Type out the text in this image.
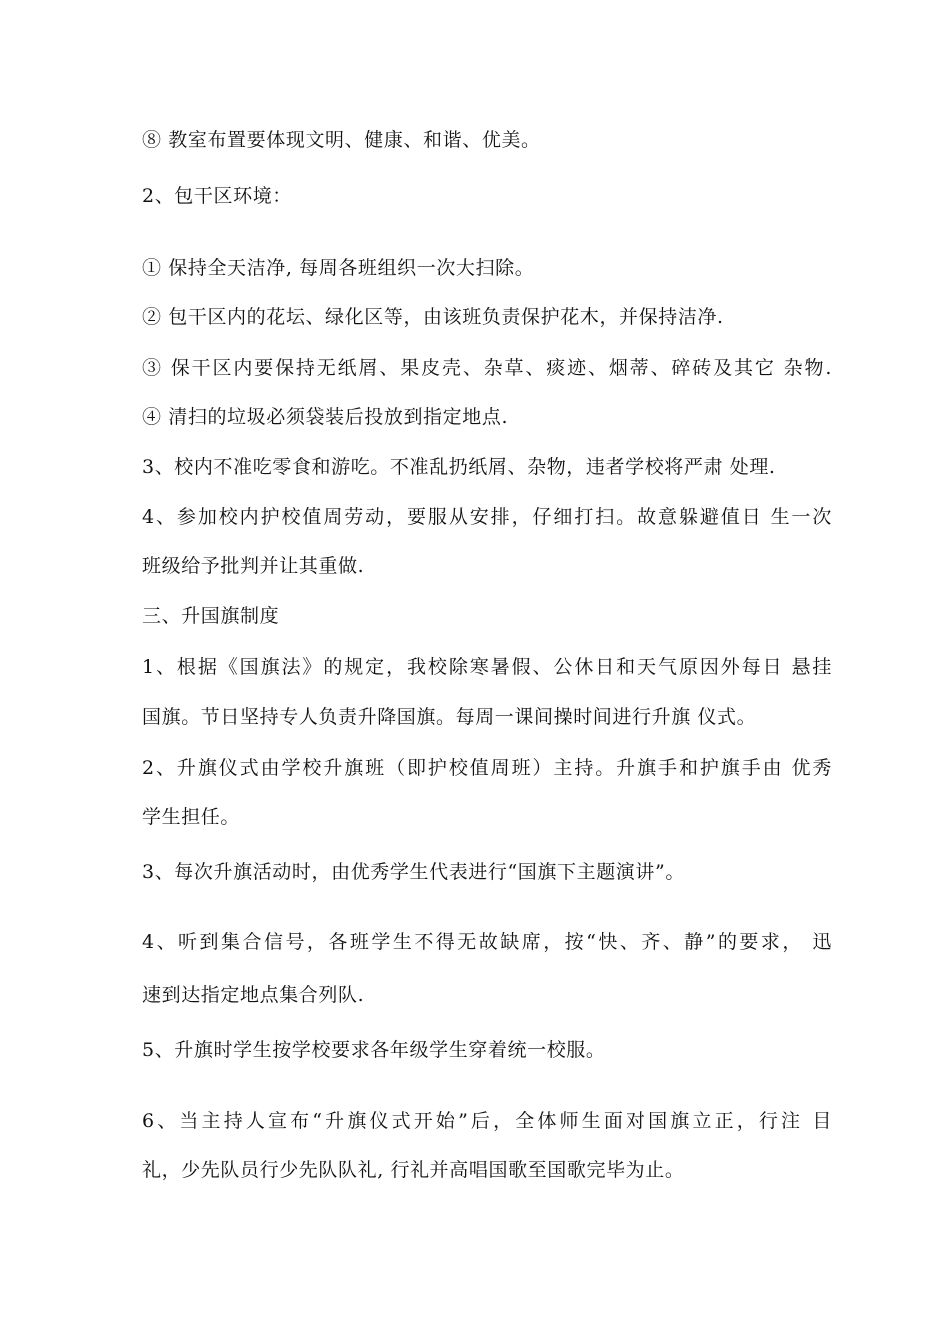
⑧ 教室布置要体现文明、健康、和谐、优美。
2、包干区环境：
① 保持全天洁净, 每周各班组织一次大扫除。
② 包干区内的花坛、绿化区等，由该班负责保护花木，并保持洁净.
③ 保干区内要保持无纸屑、果皮壳、杂草、痰迹、烟蒂、碎砖及其它 杂物.
④ 清扫的垃圾必须袋装后投放到指定地点.
3、校内不准吃零食和游吃。不准乱扔纸屑、杂物，违者学校将严肃 处理.
4、参加校内护校值周劳动，要服从安排，仔细打扫。故意躲避值日 生一次
班级给予批判并让其重做.
三、升国旗制度
1、根据《国旗法》的规定，我校除寒暑假、公休日和天气原因外每日 悬挂
国旗。节日坚持专人负责升降国旗。每周一课间操时间进行升旗 仪式。
2、升旗仪式由学校升旗班（即护校值周班）主持。升旗手和护旗手由 优秀
学生担任。
3、每次升旗活动时，由优秀学生代表进行“国旗下主题演讲”。
4、听到集合信号，各班学生不得无故缺席，按“快、齐、静”的要求， 迅
速到达指定地点集合列队.
5、升旗时学生按学校要求各年级学生穿着统一校服。
6、当主持人宣布“升旗仪式开始”后，全体师生面对国旗立正，行注 目
礼，少先队员行少先队队礼, 行礼并高唱国歌至国歌完毕为止。
